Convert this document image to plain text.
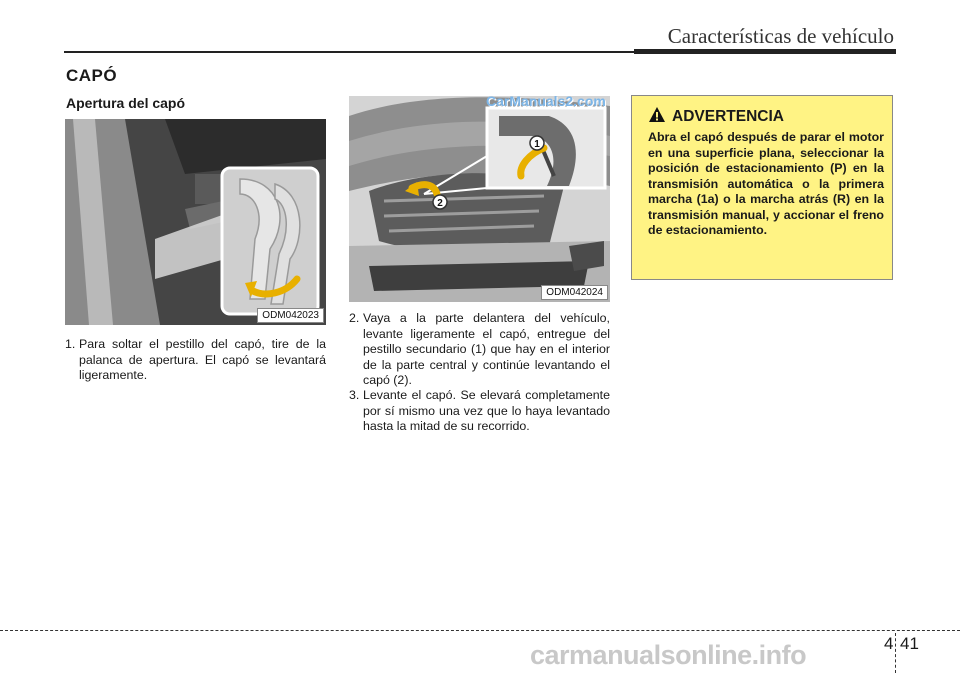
Características de vehículo
CAPÓ
Apertura del capó
ODM042023
1
2
ODM042024
CarManuals2.com
1. Para soltar el pestillo del capó, tire de la palanca de apertura. El capó se levantará ligeramente.
2. Vaya a la parte delantera del vehículo, levante ligeramente el capó, entregue del pestillo secundario (1) que hay en el interior de la parte central y continúe levantando el capó (2).
3. Levante el capó. Se elevará completamente por sí mismo una vez que lo haya levantado hasta la mitad de su recorrido.
ADVERTENCIA
Abra el capó después de parar el motor en una superficie plana, seleccionar la posición de estacionamiento (P) en la transmisión automática o la primera marcha (1a) o la marcha atrás (R) en la transmisión manual, y accionar el freno de estacionamiento.
4 41
carmanualsonline.info
